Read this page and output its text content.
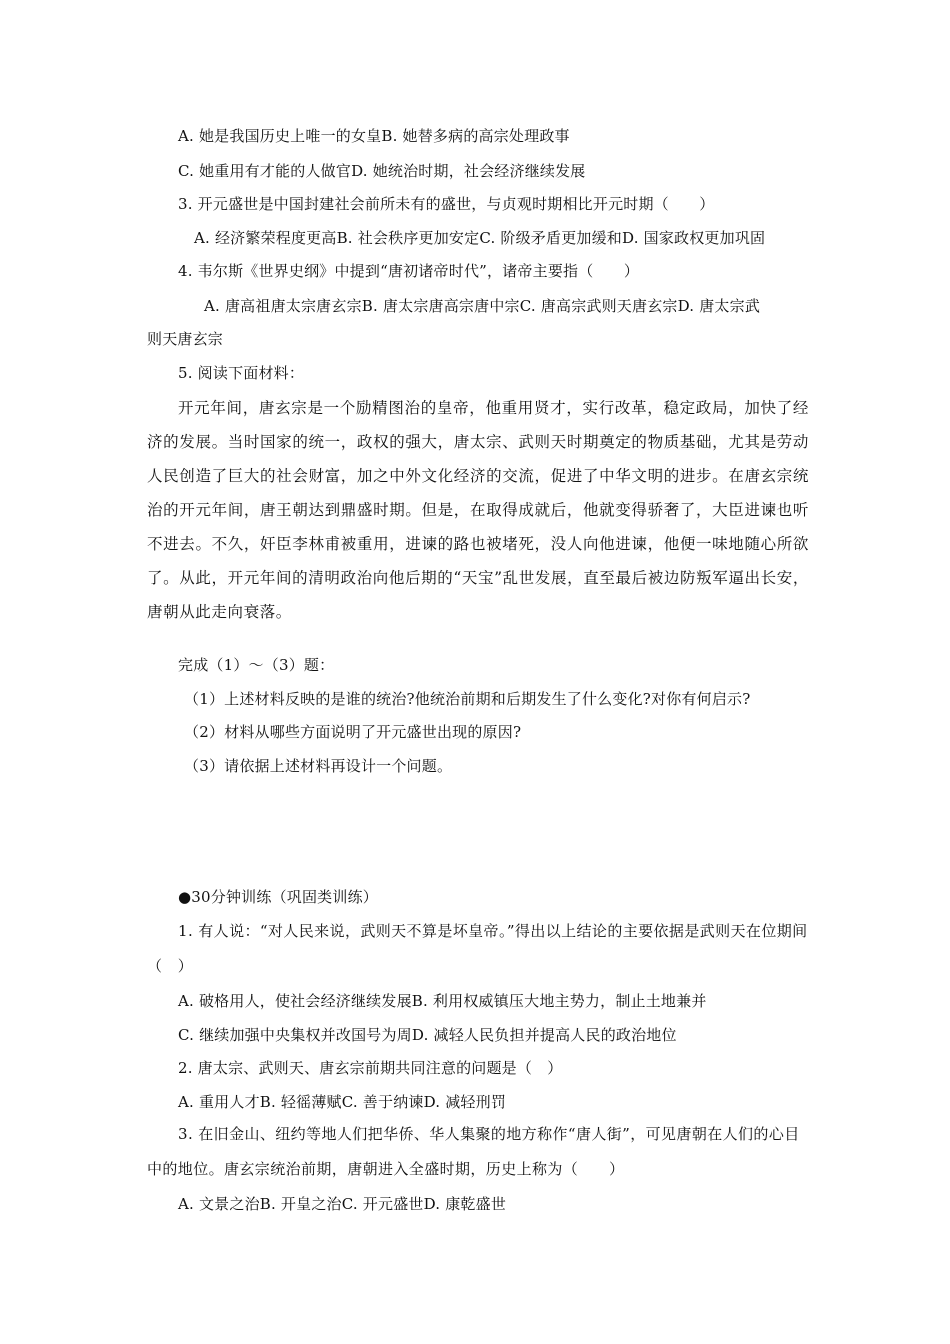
A. 她是我国历史上唯一的女皇B. 她替多病的高宗处理政事
C. 她重用有才能的人做官D. 她统治时期，社会经济继续发展
3. 开元盛世是中国封建社会前所未有的盛世，与贞观时期相比开元时期（　　）
A. 经济繁荣程度更高B. 社会秩序更加安定C. 阶级矛盾更加缓和D. 国家政权更加巩固
4. 韦尔斯《世界史纲》中提到“唐初诸帝时代”，诸帝主要指（　　）
A. 唐高祖唐太宗唐玄宗B. 唐太宗唐高宗唐中宗C. 唐高宗武则天唐玄宗D. 唐太宗武
则天唐玄宗
5. 阅读下面材料：
开元年间，唐玄宗是一个励精图治的皇帝，他重用贤才，实行改革，稳定政局，加快了经济的发展。当时国家的统一，政权的强大，唐太宗、武则天时期奠定的物质基础，尤其是劳动人民创造了巨大的社会财富，加之中外文化经济的交流，促进了中华文明的进步。在唐玄宗统治的开元年间，唐王朝达到鼎盛时期。但是，在取得成就后，他就变得骄奢了，大臣进谏也听不进去。不久，奸臣李林甫被重用，进谏的路也被堵死，没人向他进谏，他便一味地随心所欲了。从此，开元年间的清明政治向他后期的“天宝”乱世发展，直至最后被边防叛军逼出长安，唐朝从此走向衰落。
完成（1）～（3）题：
（1）上述材料反映的是谁的统治?他统治前期和后期发生了什么变化?对你有何启示?
（2）材料从哪些方面说明了开元盛世出现的原因?
（3）请依据上述材料再设计一个问题。
●30分钟训练（巩固类训练）
1. 有人说：“对人民来说，武则天不算是坏皇帝。”得出以上结论的主要依据是武则天在位期间（　）
A. 破格用人，使社会经济继续发展B. 利用权威镇压大地主势力，制止土地兼并
C. 继续加强中央集权并改国号为周D. 减轻人民负担并提高人民的政治地位
2. 唐太宗、武则天、唐玄宗前期共同注意的问题是（　）
A. 重用人才B. 轻徭薄赋C. 善于纳谏D. 减轻刑罚
3. 在旧金山、纽约等地人们把华侨、华人集聚的地方称作“唐人街”，可见唐朝在人们的心目中的地位。唐玄宗统治前期，唐朝进入全盛时期，历史上称为（　　）
A. 文景之治B. 开皇之治C. 开元盛世D. 康乾盛世
